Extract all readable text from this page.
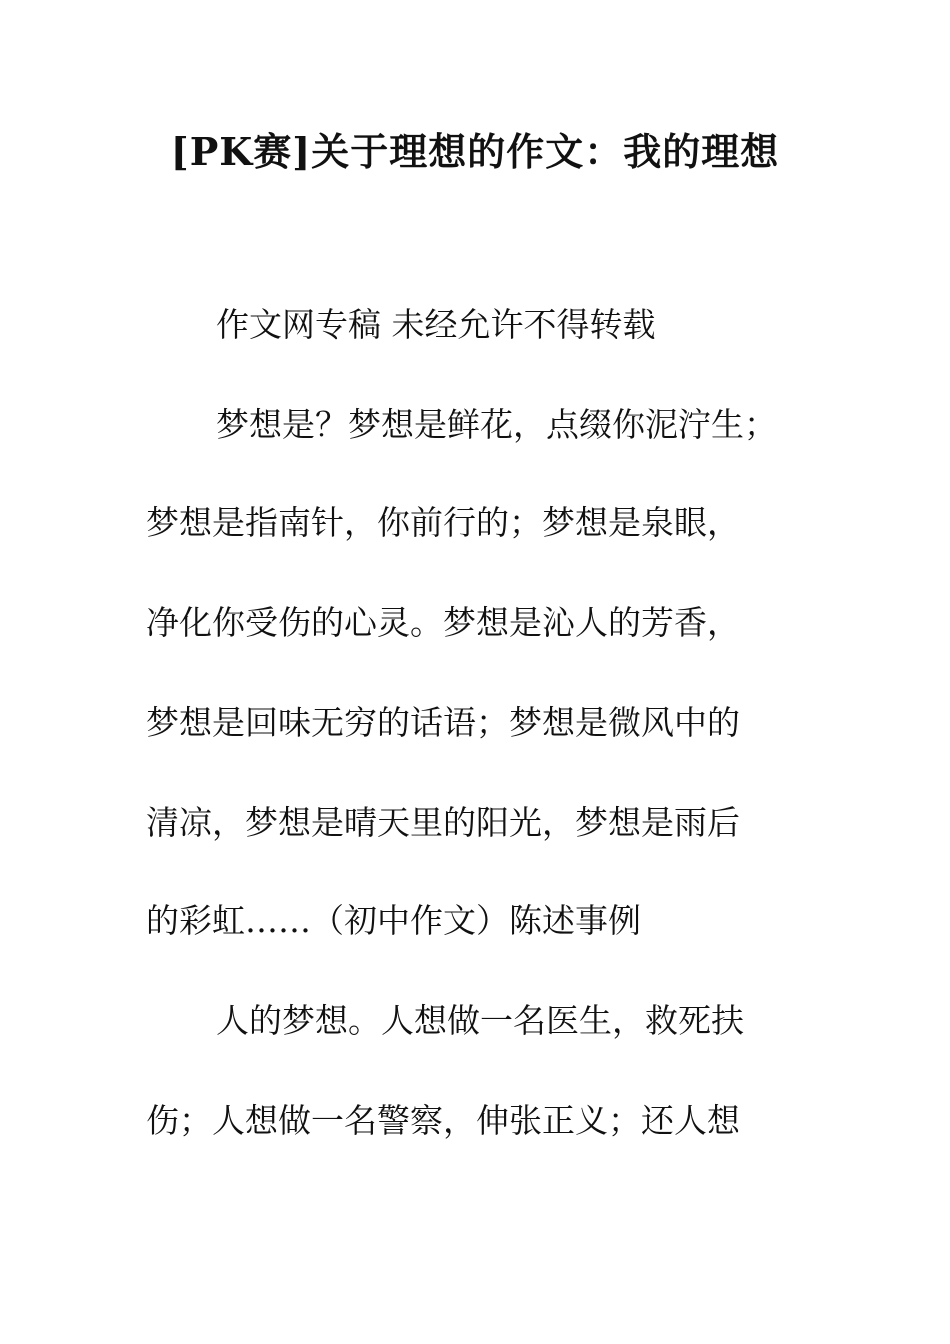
[PK赛]关于理想的作文：我的理想

作文网专稿 未经允许不得转载

梦想是？梦想是鲜花，点缀你泥泞生；

梦想是指南针，你前行的；梦想是泉眼，

净化你受伤的心灵。梦想是沁人的芳香，

梦想是回味无穷的话语；梦想是微风中的

清凉，梦想是晴天里的阳光，梦想是雨后

的彩虹……（初中作文）陈述事例

人的梦想。人想做一名医生，救死扶

伤；人想做一名警察，伸张正义；还人想
